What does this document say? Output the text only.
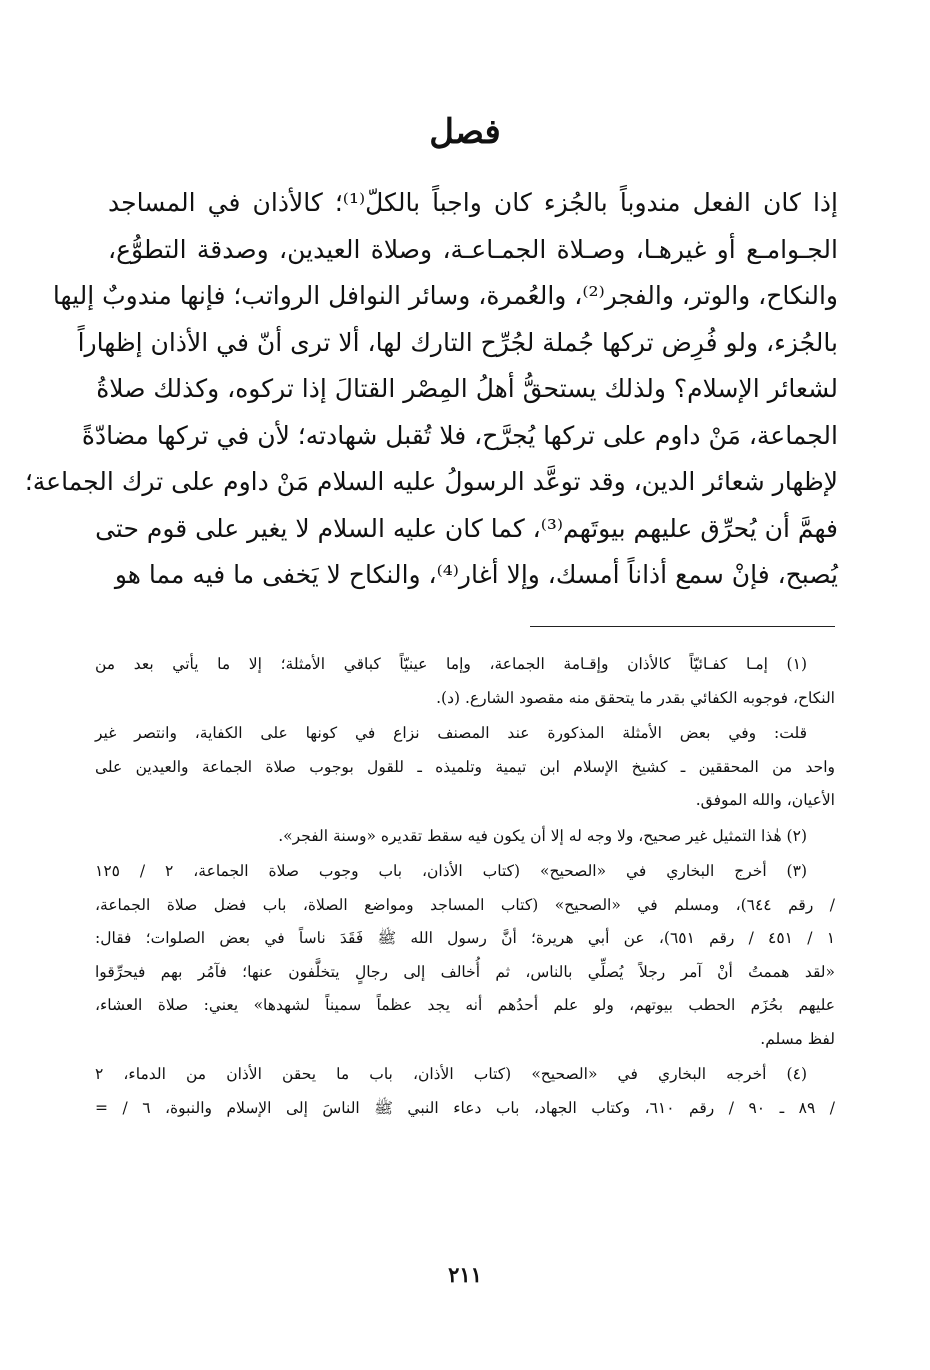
فصل
إذا كان الفعل مندوباً بالجُزء كان واجباً بالكلّ⁽¹⁾؛ كالأذان في المساجد
الجـوامـع أو غيرهـا، وصـلاة الجمـاعـة، وصلاة العيدين، وصدقة التطوُّع،
والنكاح، والوتر، والفجر⁽²⁾، والعُمرة، وسائر النوافل الرواتب؛ فإنها مندوبٌ إليها
بالجُزء، ولو فُرِض تركها جُملة لجُرِّح التارك لها، ألا ترى أنّ في الأذان إظهاراً
لشعائر الإسلام؟ ولذلك يستحقُّ أهلُ المِصْر القتالَ إذا تركوه، وكذلك صلاةُ
الجماعة، مَنْ داوم على تركها يُجرَّح، فلا تُقبل شهادته؛ لأن في تركها مضادّةً
لإظهار شعائر الدين، وقد توعَّد الرسولُ عليه السلام مَنْ داوم على ترك الجماعة؛
فهمَّ أن يُحرِّق عليهم بيوتَهم⁽³⁾، كما كان عليه السلام لا يغير على قوم حتى
يُصبح، فإنْ سمع أذاناً أمسك، وإلا أغار⁽⁴⁾، والنكاح لا يَخفى ما فيه مما هو
(١) إمـا كفـائيّاً كالأذان وإقـامة الجماعة، وإما عينيّاً كباقي الأمثلة؛ إلا ما يأتي بعد من
النكاح، فوجوبه الكفائي بقدر ما يتحقق منه مقصود الشارع. (د).
قلت: وفي بعض الأمثلة المذكورة عند المصنف نزاع في كونها على الكفاية، وانتصر غير
واحد من المحققين ـ كشيخ الإسلام ابن تيمية وتلميذه ـ للقول بوجوب صلاة الجماعة والعيدين على
الأعيان، والله الموفق.
(٢) هٰذا التمثيل غير صحيح، ولا وجه له إلا أن يكون فيه سقط تقديره «وسنة الفجر».
(٣) أخرج البخاري في «الصحيح» (كتاب الأذان، باب وجوب صلاة الجماعة، ٢ / ١٢٥
/ رقم ٦٤٤)، ومسلم في «الصحيح» (كتاب المساجد ومواضع الصلاة، باب فضل صلاة الجماعة،
١ / ٤٥١ / رقم ٦٥١)، عن أبي هريرة؛ أنَّ رسول الله ﷺ فَقَدَ ناساً في بعض الصلوات؛ فقال:
«لقد هممتُ أنْ آمر رجلاً يُصلِّي بالناس، ثم أُخالف إلى رجالٍ يتخلَّفون عنها؛ فآمُر بهم فيحرِّقوا
عليهم بحُزَم الحطب بيوتهم، ولو علم أحدُهم أنه يجد عظماً سميناً لشهدها» يعني: صلاة العشاء،
لفظ مسلم.
(٤) أخرجه البخاري في «الصحيح» (كتاب الأذان، باب ما يحقن الأذان من الدماء، ٢
/ ٨٩ ـ ٩٠ / رقم ٦١٠، وكتاب الجهاد، باب دعاء النبي ﷺ الناسَ إلى الإسلام والنبوة، ٦ / =
٢١١
